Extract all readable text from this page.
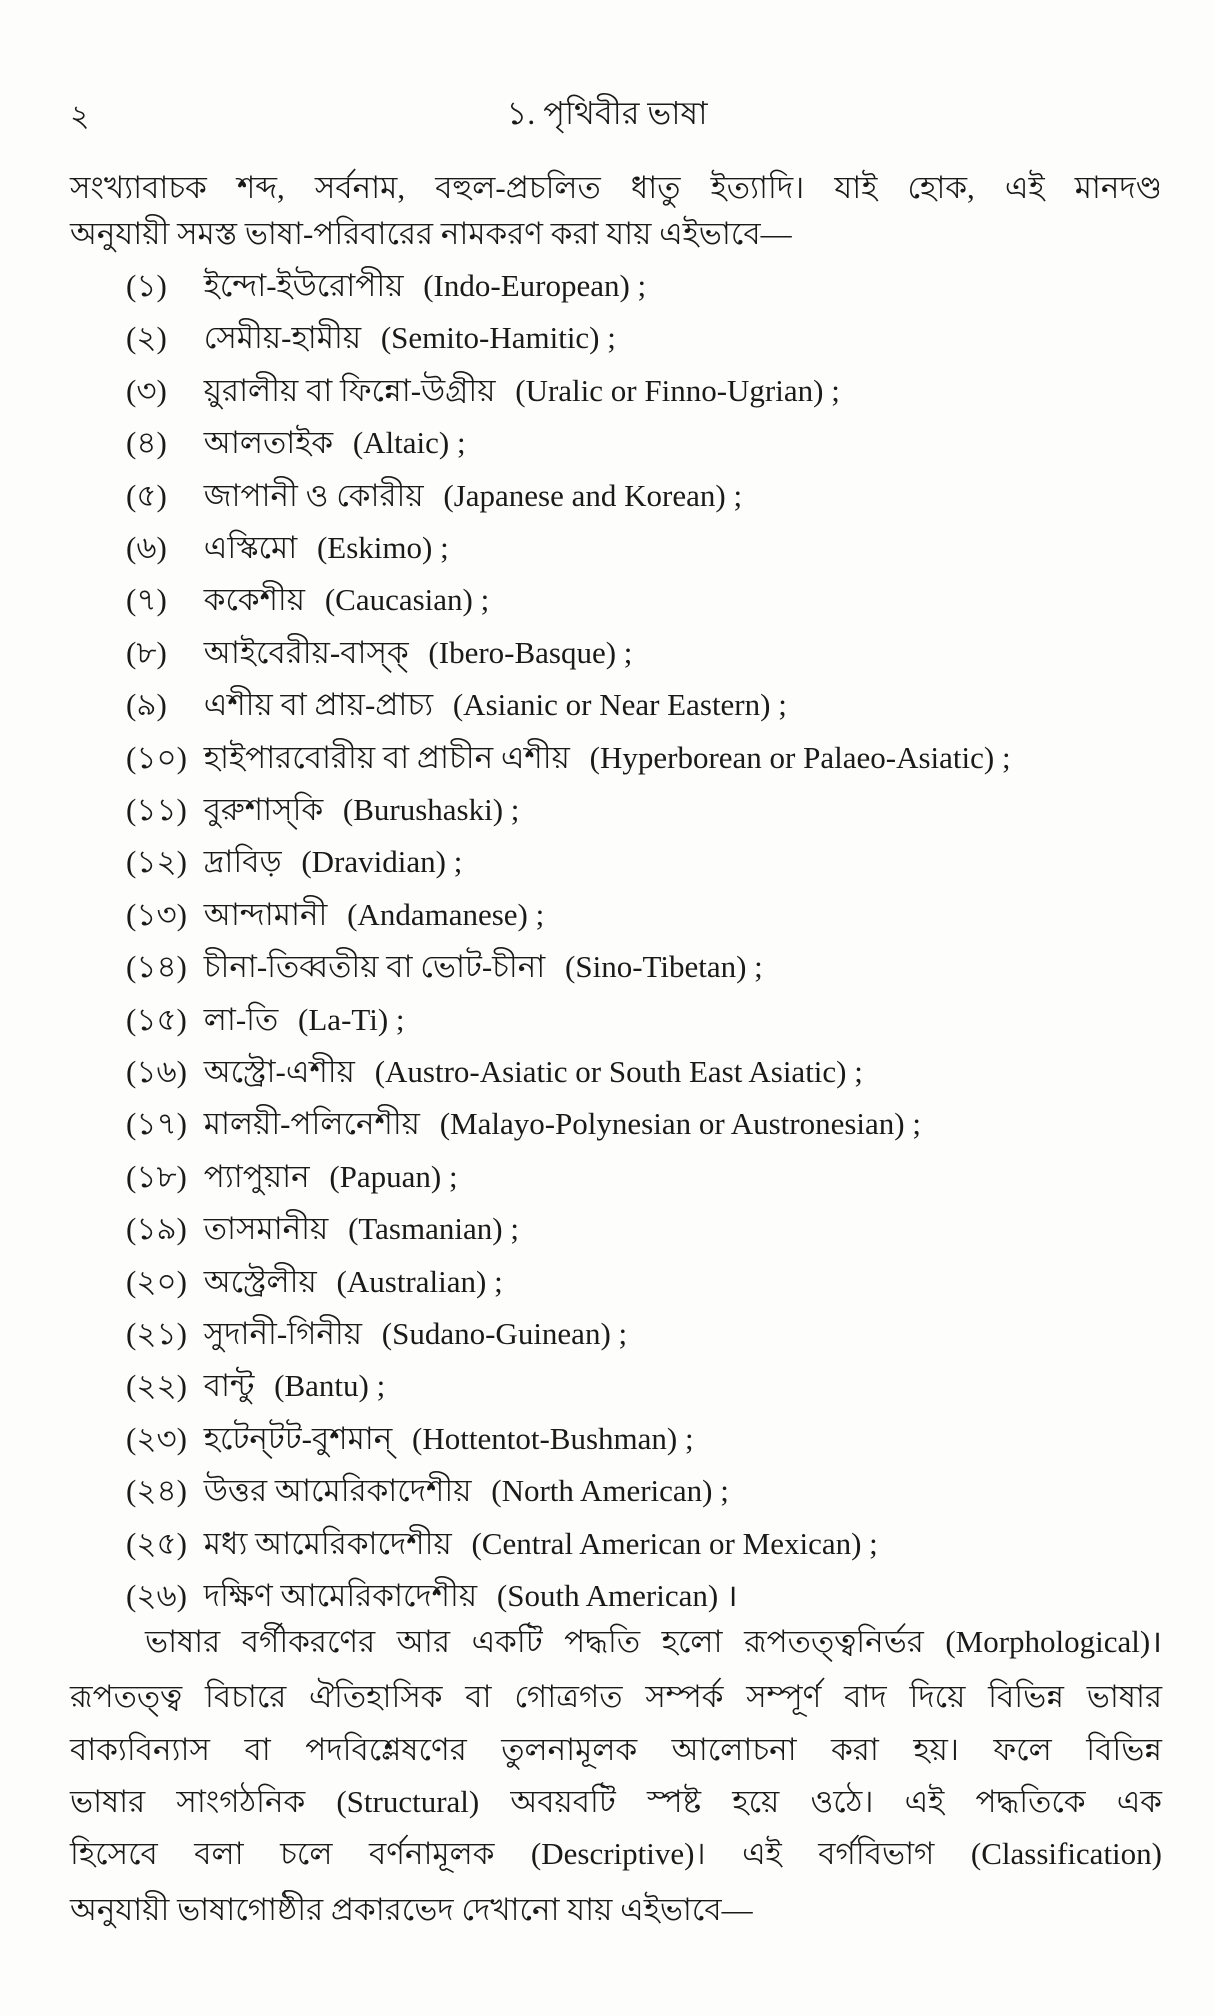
২	১. পৃথিবীর ভাষা
সংখ্যাবাচক শব্দ, সর্বনাম, বহুল-প্রচলিত ধাতু ইত্যাদি। যাই হোক, এই মানদণ্ড
অনুযায়ী সমস্ত ভাষা-পরিবারের নামকরণ করা যায় এইভাবে—
(১) ইন্দো-ইউরোপীয় (Indo-European) ;
(২) সেমীয়-হামীয় (Semito-Hamitic) ;
(৩) য়ুরালীয় বা ফিন্নো-উগ্রীয় (Uralic or Finno-Ugrian) ;
(৪) আলতাইক (Altaic) ;
(৫) জাপানী ও কোরীয় (Japanese and Korean) ;
(৬) এস্কিমো (Eskimo) ;
(৭) ককেশীয় (Caucasian) ;
(৮) আইবেরীয়-বাস্‌ক্ (Ibero-Basque) ;
(৯) এশীয় বা প্রায়-প্রাচ্য (Asianic or Near Eastern) ;
(১০) হাইপারবোরীয় বা প্রাচীন এশীয় (Hyperborean or Palaeo-Asiatic) ;
(১১) বুরুশাস্‌কি (Burushaski) ;
(১২) দ্রাবিড় (Dravidian) ;
(১৩) আন্দামানী (Andamanese) ;
(১৪) চীনা-তিব্বতীয় বা ভোট-চীনা (Sino-Tibetan) ;
(১৫) লা-তি (La-Ti) ;
(১৬) অস্ট্রো-এশীয় (Austro-Asiatic or South East Asiatic) ;
(১৭) মালয়ী-পলিনেশীয় (Malayo-Polynesian or Austronesian) ;
(১৮) প্যাপুয়ান (Papuan) ;
(১৯) তাসমানীয় (Tasmanian) ;
(২০) অস্ট্রেলীয় (Australian) ;
(২১) সুদানী-গিনীয় (Sudano-Guinean) ;
(২২) বান্টু (Bantu) ;
(২৩) হটেন্‌টট-বুশমান্ (Hottentot-Bushman) ;
(২৪) উত্তর আমেরিকাদেশীয় (North American) ;
(২৫) মধ্য আমেরিকাদেশীয় (Central American or Mexican) ;
(২৬) দক্ষিণ আমেরিকাদেশীয় (South American) ।
ভাষার বর্গীকরণের আর একটি পদ্ধতি হলো রূপতত্ত্বনির্ভর (Morphological)।
রূপতত্ত্ব বিচারে ঐতিহাসিক বা গোত্রগত সম্পর্ক সম্পূর্ণ বাদ দিয়ে বিভিন্ন ভাষার
বাক্যবিন্যাস বা পদবিশ্লেষণের তুলনামূলক আলোচনা করা হয়। ফলে বিভিন্ন
ভাষার সাংগঠনিক (Structural) অবয়বটি স্পষ্ট হয়ে ওঠে। এই পদ্ধতিকে এক
হিসেবে বলা চলে বর্ণনামূলক (Descriptive)। এই বর্গবিভাগ (Classification)
অনুযায়ী ভাষাগোষ্ঠীর প্রকারভেদ দেখানো যায় এইভাবে—
